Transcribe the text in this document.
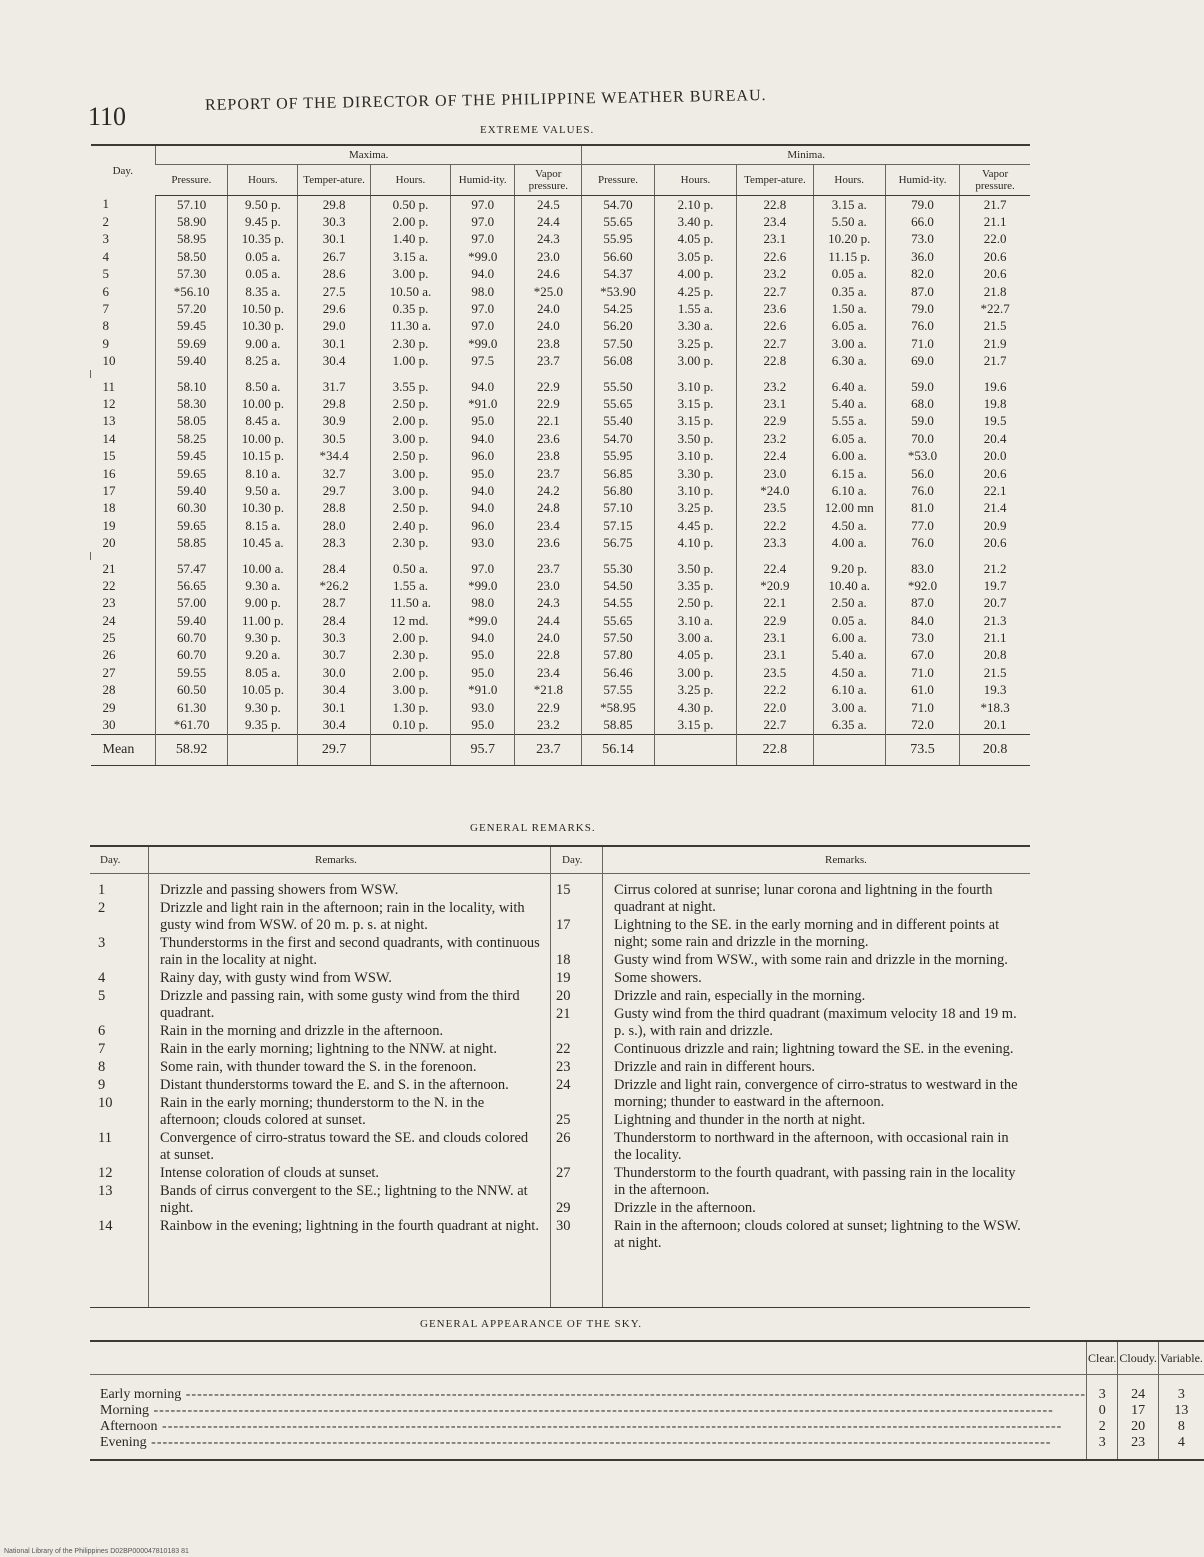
110
REPORT OF THE DIRECTOR OF THE PHILIPPINE WEATHER BUREAU.
EXTREME VALUES.
Day.	Maxima.						Minima.					
	Pressure.	Hours.	Temper-ature.	Hours.	Humid-ity.	Vapor pressure.	Pressure.	Hours.	Temper-ature.	Hours.	Humid-ity.	Vapor pressure.
1	57.10	9.50 p.	29.8	0.50 p.	97.0	24.5	54.70	2.10 p.	22.8	3.15 a.	79.0	21.7
2	58.90	9.45 p.	30.3	2.00 p.	97.0	24.4	55.65	3.40 p.	23.4	5.50 a.	66.0	21.1
3	58.95	10.35 p.	30.1	1.40 p.	97.0	24.3	55.95	4.05 p.	23.1	10.20 p.	73.0	22.0
4	58.50	0.05 a.	26.7	3.15 a.	*99.0	23.0	56.60	3.05 p.	22.6	11.15 p.	36.0	20.6
5	57.30	0.05 a.	28.6	3.00 p.	94.0	24.6	54.37	4.00 p.	23.2	0.05 a.	82.0	20.6
6	*56.10	8.35 a.	27.5	10.50 a.	98.0	*25.0	*53.90	4.25 p.	22.7	0.35 a.	87.0	21.8
7	57.20	10.50 p.	29.6	0.35 p.	97.0	24.0	54.25	1.55 a.	23.6	1.50 a.	79.0	*22.7
8	59.45	10.30 p.	29.0	11.30 a.	97.0	24.0	56.20	3.30 a.	22.6	6.05 a.	76.0	21.5
9	59.69	9.00 a.	30.1	2.30 p.	*99.0	23.8	57.50	3.25 p.	22.7	3.00 a.	71.0	21.9
10	59.40	8.25 a.	30.4	1.00 p.	97.5	23.7	56.08	3.00 p.	22.8	6.30 a.	69.0	21.7

11	58.10	8.50 a.	31.7	3.55 p.	94.0	22.9	55.50	3.10 p.	23.2	6.40 a.	59.0	19.6
12	58.30	10.00 p.	29.8	2.50 p.	*91.0	22.9	55.65	3.15 p.	23.1	5.40 a.	68.0	19.8
13	58.05	8.45 a.	30.9	2.00 p.	95.0	22.1	55.40	3.15 p.	22.9	5.55 a.	59.0	19.5
14	58.25	10.00 p.	30.5	3.00 p.	94.0	23.6	54.70	3.50 p.	23.2	6.05 a.	70.0	20.4
15	59.45	10.15 p.	*34.4	2.50 p.	96.0	23.8	55.95	3.10 p.	22.4	6.00 a.	*53.0	20.0
16	59.65	8.10 a.	32.7	3.00 p.	95.0	23.7	56.85	3.30 p.	23.0	6.15 a.	56.0	20.6
17	59.40	9.50 a.	29.7	3.00 p.	94.0	24.2	56.80	3.10 p.	*24.0	6.10 a.	76.0	22.1
18	60.30	10.30 p.	28.8	2.50 p.	94.0	24.8	57.10	3.25 p.	23.5	12.00 mn	81.0	21.4
19	59.65	8.15 a.	28.0	2.40 p.	96.0	23.4	57.15	4.45 p.	22.2	4.50 a.	77.0	20.9
20	58.85	10.45 a.	28.3	2.30 p.	93.0	23.6	56.75	4.10 p.	23.3	4.00 a.	76.0	20.6

21	57.47	10.00 a.	28.4	0.50 a.	97.0	23.7	55.30	3.50 p.	22.4	9.20 p.	83.0	21.2
22	56.65	9.30 a.	*26.2	1.55 a.	*99.0	23.0	54.50	3.35 p.	*20.9	10.40 a.	*92.0	19.7
23	57.00	9.00 p.	28.7	11.50 a.	98.0	24.3	54.55	2.50 p.	22.1	2.50 a.	87.0	20.7
24	59.40	11.00 p.	28.4	12 md.	*99.0	24.4	55.65	3.10 a.	22.9	0.05 a.	84.0	21.3
25	60.70	9.30 p.	30.3	2.00 p.	94.0	24.0	57.50	3.00 a.	23.1	6.00 a.	73.0	21.1
26	60.70	9.20 a.	30.7	2.30 p.	95.0	22.8	57.80	4.05 p.	23.1	5.40 a.	67.0	20.8
27	59.55	8.05 a.	30.0	2.00 p.	95.0	23.4	56.46	3.00 p.	23.5	4.50 a.	71.0	21.5
28	60.50	10.05 p.	30.4	3.00 p.	*91.0	*21.8	57.55	3.25 p.	22.2	6.10 a.	61.0	19.3
29	61.30	9.30 p.	30.1	1.30 p.	93.0	22.9	*58.95	4.30 p.	22.0	3.00 a.	71.0	*18.3
30	*61.70	9.35 p.	30.4	0.10 p.	95.0	23.2	58.85	3.15 p.	22.7	6.35 a.	72.0	20.1
Mean	58.92		29.7		95.7	23.7	56.14		22.8		73.5	20.8
GENERAL REMARKS.
Day.	Remarks.
1	Drizzle and passing showers from WSW.
2	Drizzle and light rain in the afternoon; rain in the locality, with gusty wind from WSW. of 20 m. p. s. at night.
3	Thunderstorms in the first and second quadrants, with continuous rain in the locality at night.
4	Rainy day, with gusty wind from WSW.
5	Drizzle and passing rain, with some gusty wind from the third quadrant.
6	Rain in the morning and drizzle in the afternoon.
7	Rain in the early morning; lightning to the NNW. at night.
8	Some rain, with thunder toward the S. in the forenoon.
9	Distant thunderstorms toward the E. and S. in the afternoon.
10	Rain in the early morning; thunderstorm to the N. in the afternoon; clouds colored at sunset.
11	Convergence of cirro-stratus toward the SE. and clouds colored at sunset.
12	Intense coloration of clouds at sunset.
13	Bands of cirrus convergent to the SE.; lightning to the NNW. at night.
14	Rainbow in the evening; lightning in the fourth quadrant at night.
Day.	Remarks.
15	Cirrus colored at sunrise; lunar corona and lightning in the fourth quadrant at night.
17	Lightning to the SE. in the early morning and in different points at night; some rain and drizzle in the morning.
18	Gusty wind from WSW., with some rain and drizzle in the morning.
19	Some showers.
20	Drizzle and rain, especially in the morning.
21	Gusty wind from the third quadrant (maximum velocity 18 and 19 m. p. s.), with rain and drizzle.
22	Continuous drizzle and rain; lightning toward the SE. in the evening.
23	Drizzle and rain in different hours.
24	Drizzle and light rain, convergence of cirro-stratus to westward in the morning; thunder to eastward in the afternoon.
25	Lightning and thunder in the north at night.
26	Thunderstorm to northward in the afternoon, with occasional rain in the locality.
27	Thunderstorm to the fourth quadrant, with passing rain in the locality in the afternoon.
29	Drizzle in the afternoon.
30	Rain in the afternoon; clouds colored at sunset; lightning to the WSW. at night.
GENERAL APPEARANCE OF THE SKY.
	Clear.	Cloudy.	Variable.
Early morning -----	3	24	3
Morning -----	0	17	13
Afternoon -----	2	20	8
Evening -----	3	23	4
National Library of the Philippines D02BP000047810183 81
